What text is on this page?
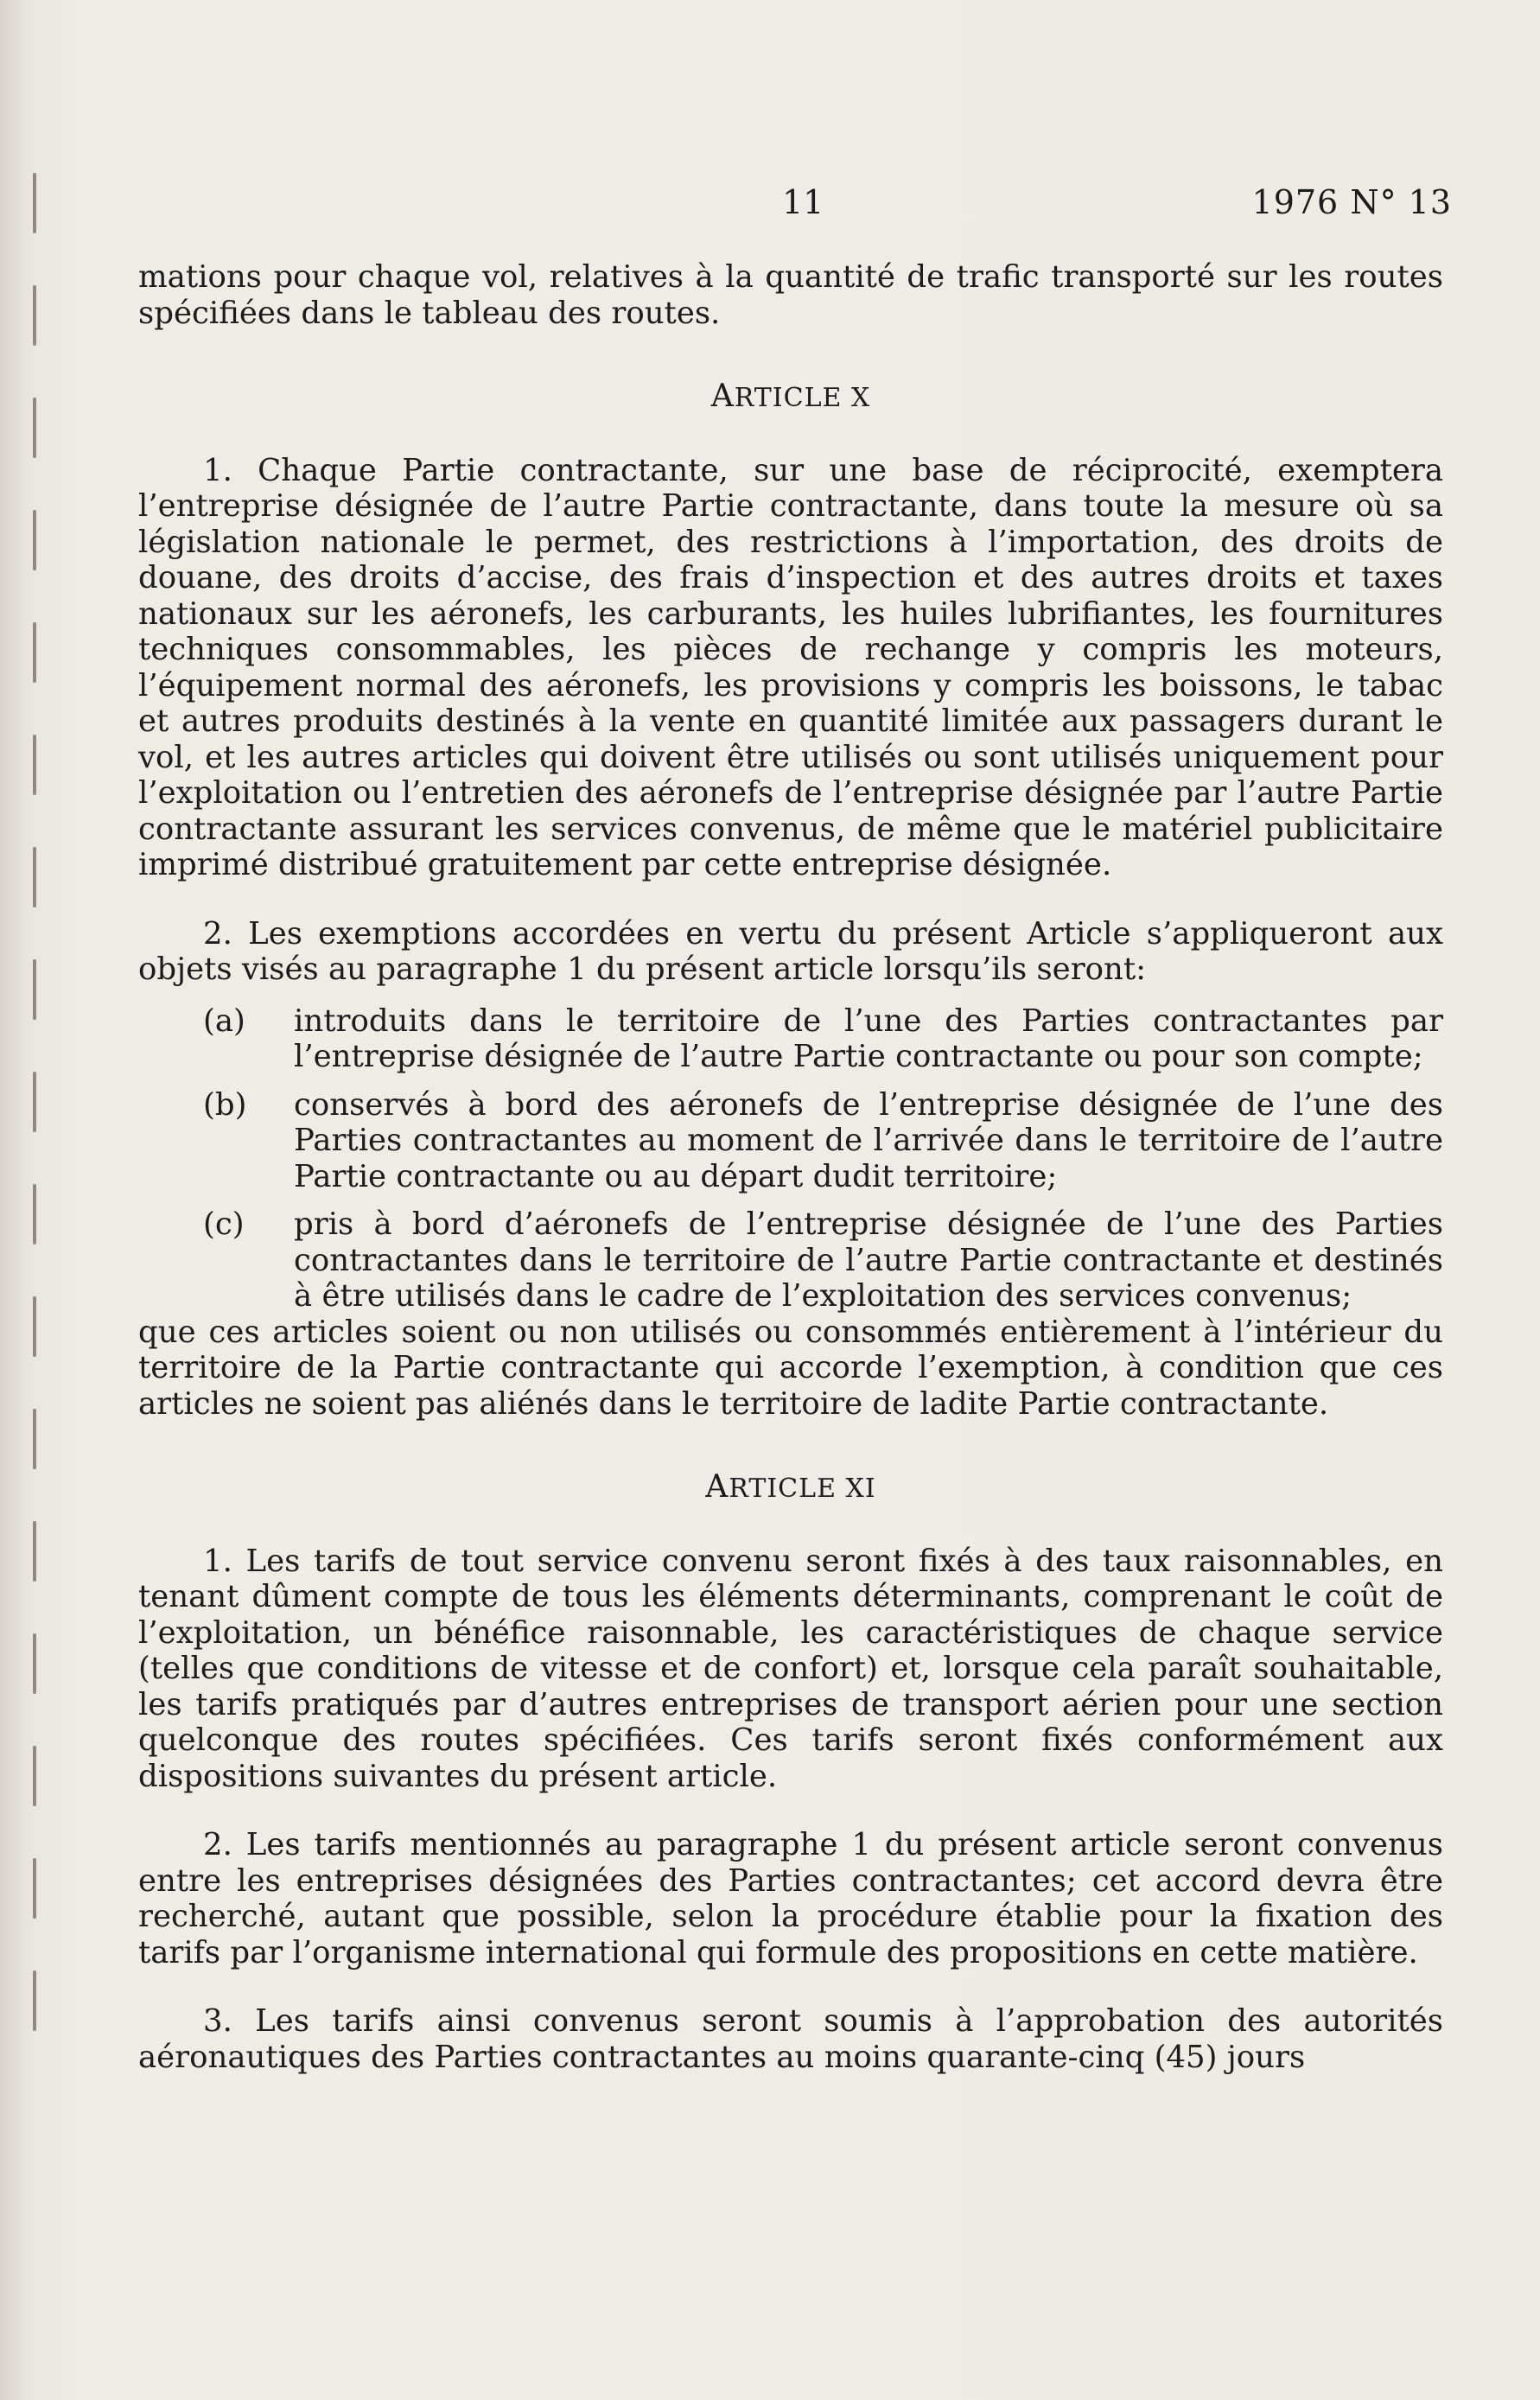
11	1976 N° 13

mations pour chaque vol, relatives à la quantité de trafic transporté sur les routes spécifiées dans le tableau des routes.

ARTICLE X

1. Chaque Partie contractante, sur une base de réciprocité, exemptera l’entreprise désignée de l’autre Partie contractante, dans toute la mesure où sa législation nationale le permet, des restrictions à l’importation, des droits de douane, des droits d’accise, des frais d’inspection et des autres droits et taxes nationaux sur les aéronefs, les carburants, les huiles lubrifiantes, les fournitures techniques consommables, les pièces de rechange y compris les moteurs, l’équipement normal des aéronefs, les provisions y compris les boissons, le tabac et autres produits destinés à la vente en quantité limitée aux passagers durant le vol, et les autres articles qui doivent être utilisés ou sont utilisés uniquement pour l’exploitation ou l’entretien des aéronefs de l’entreprise désignée par l’autre Partie contractante assurant les services convenus, de même que le matériel publicitaire imprimé distribué gratuitement par cette entreprise désignée.

2. Les exemptions accordées en vertu du présent Article s’appliqueront aux objets visés au paragraphe 1 du présent article lorsqu’ils seront:

(a)	introduits dans le territoire de l’une des Parties contractantes par l’entreprise désignée de l’autre Partie contractante ou pour son compte;
(b)	conservés à bord des aéronefs de l’entreprise désignée de l’une des Parties contractantes au moment de l’arrivée dans le territoire de l’autre Partie contractante ou au départ dudit territoire;
(c)	pris à bord d’aéronefs de l’entreprise désignée de l’une des Parties contractantes dans le territoire de l’autre Partie contractante et destinés à être utilisés dans le cadre de l’exploitation des services convenus;

que ces articles soient ou non utilisés ou consommés entièrement à l’intérieur du territoire de la Partie contractante qui accorde l’exemption, à condition que ces articles ne soient pas aliénés dans le territoire de ladite Partie contractante.

ARTICLE XI

1. Les tarifs de tout service convenu seront fixés à des taux raisonnables, en tenant dûment compte de tous les éléments déterminants, comprenant le coût de l’exploitation, un bénéfice raisonnable, les caractéristiques de chaque service (telles que conditions de vitesse et de confort) et, lorsque cela paraît souhaitable, les tarifs pratiqués par d’autres entreprises de transport aérien pour une section quelconque des routes spécifiées. Ces tarifs seront fixés conformément aux dispositions suivantes du présent article.

2. Les tarifs mentionnés au paragraphe 1 du présent article seront convenus entre les entreprises désignées des Parties contractantes; cet accord devra être recherché, autant que possible, selon la procédure établie pour la fixation des tarifs par l’organisme international qui formule des propositions en cette matière.

3. Les tarifs ainsi convenus seront soumis à l’approbation des autorités aéronautiques des Parties contractantes au moins quarante-cinq (45) jours
